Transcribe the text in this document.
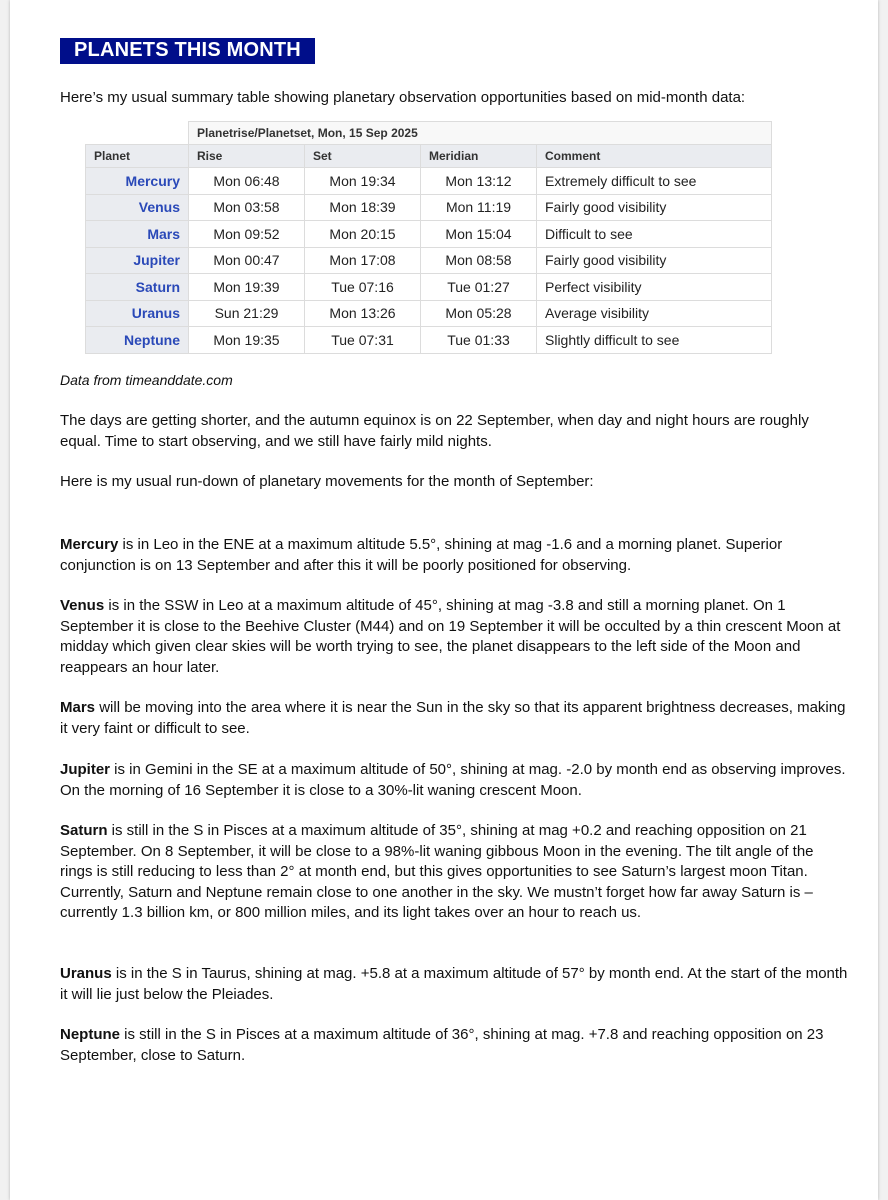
PLANETS THIS MONTH
Here’s my usual summary table showing planetary observation opportunities based on mid-month data:
	Planetrise/Planetset, Mon, 15 Sep 2025			
Planet	Rise	Set	Meridian	Comment
Mercury	Mon 06:48	Mon 19:34	Mon 13:12	Extremely difficult to see
Venus	Mon 03:58	Mon 18:39	Mon 11:19	Fairly good visibility
Mars	Mon 09:52	Mon 20:15	Mon 15:04	Difficult to see
Jupiter	Mon 00:47	Mon 17:08	Mon 08:58	Fairly good visibility
Saturn	Mon 19:39	Tue 07:16	Tue 01:27	Perfect visibility
Uranus	Sun 21:29	Mon 13:26	Mon 05:28	Average visibility
Neptune	Mon 19:35	Tue 07:31	Tue 01:33	Slightly difficult to see
Data from timeanddate.com

The days are getting shorter, and the autumn equinox is on 22 September, when day and night hours are roughly equal. Time to start observing, and we still have fairly mild nights.

Here is my usual run-down of planetary movements for the month of September:

Mercury is in Leo in the ENE at a maximum altitude 5.5°, shining at mag -1.6 and a morning planet. Superior conjunction is on 13 September and after this it will be poorly positioned for observing.

Venus is in the SSW in Leo at a maximum altitude of 45°, shining at mag -3.8 and still a morning planet. On 1 September it is close to the Beehive Cluster (M44) and on 19 September it will be occulted by a thin crescent Moon at midday which given clear skies will be worth trying to see, the planet disappears to the left side of the Moon and reappears an hour later.

Mars will be moving into the area where it is near the Sun in the sky so that its apparent brightness decreases, making it very faint or difficult to see.

Jupiter is in Gemini in the SE at a maximum altitude of 50°, shining at mag. -2.0 by month end as observing improves. On the morning of 16 September it is close to a 30%-lit waning crescent Moon.

Saturn is still in the S in Pisces at a maximum altitude of 35°, shining at mag +0.2 and reaching opposition on 21 September. On 8 September, it will be close to a 98%-lit waning gibbous Moon in the evening. The tilt angle of the rings is still reducing to less than 2° at month end, but this gives opportunities to see Saturn’s largest moon Titan. Currently, Saturn and Neptune remain close to one another in the sky. We mustn’t forget how far away Saturn is – currently 1.3 billion km, or 800 million miles, and its light takes over an hour to reach us.

Uranus is in the S in Taurus, shining at mag. +5.8 at a maximum altitude of 57° by month end. At the start of the month it will lie just below the Pleiades.

Neptune is still in the S in Pisces at a maximum altitude of 36°, shining at mag. +7.8 and reaching opposition on 23 September, close to Saturn.
